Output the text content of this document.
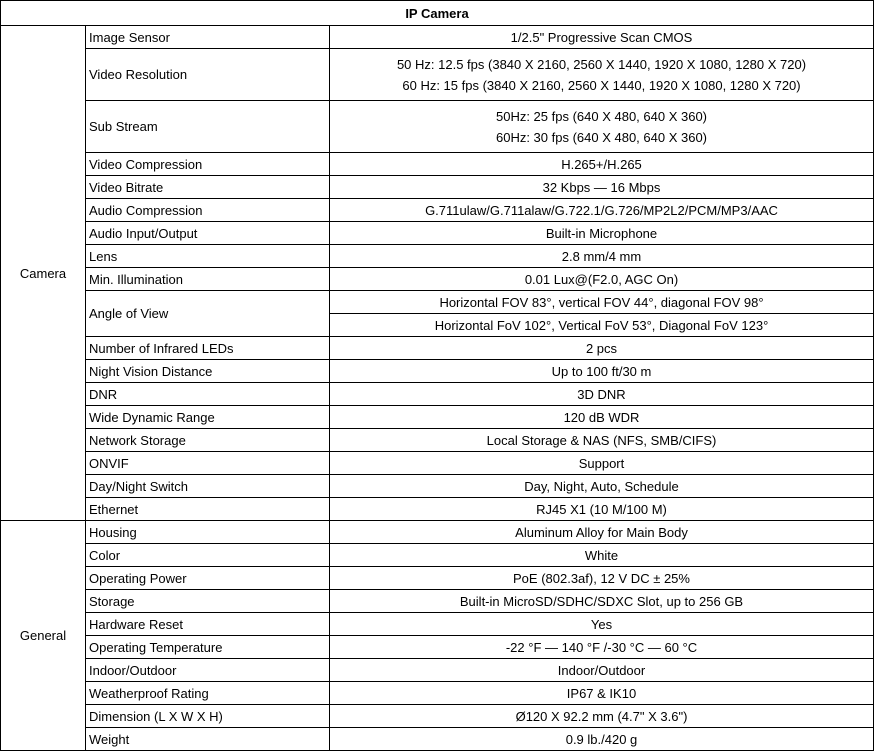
IP Camera		
Camera	Image Sensor	1/2.5" Progressive Scan CMOS

	Video Resolution	50 Hz: 12.5 fps (3840 X 2160, 2560 X 1440, 1920 X 1080, 1280 X 720)
60 Hz: 15 fps (3840 X 2160, 2560 X 1440, 1920 X 1080, 1280 X 720)

	Sub Stream	50Hz: 25 fps (640 X 480, 640 X 360)
60Hz: 30 fps (640 X 480, 640 X 360)

	Video Compression	H.265+/H.265

	Video Bitrate	32 Kbps — 16 Mbps

	Audio Compression	G.711ulaw/G.711alaw/G.722.1/G.726/MP2L2/PCM/MP3/AAC

	Audio Input/Output	Built-in Microphone

	Lens	2.8 mm/4 mm

	Min. Illumination	0.01 Lux@(F2.0, AGC On)

	Angle of View	Horizontal FOV 83°, vertical FOV 44°, diagonal FOV 98°
		Horizontal FoV 102°, Vertical FoV 53°, Diagonal FoV 123°
	Number of Infrared LEDs	2 pcs

	Night Vision Distance	Up to 100 ft/30 m

	DNR	3D DNR

	Wide Dynamic Range	120 dB WDR

	Network Storage	Local Storage & NAS (NFS, SMB/CIFS)

	ONVIF	Support

	Day/Night Switch	Day, Night, Auto, Schedule

	Ethernet	RJ45 X1 (10 M/100 M)

General	Housing	Aluminum Alloy for Main Body

	Color	White

	Operating Power	PoE (802.3af), 12 V DC ± 25%

	Storage	Built-in MicroSD/SDHC/SDXC Slot, up to 256 GB

	Hardware Reset	Yes

	Operating Temperature	-22 °F — 140 °F /-30 °C — 60 °C

	Indoor/Outdoor	Indoor/Outdoor

	Weatherproof Rating	IP67 & IK10

	Dimension (L X W X H)	Ø120 X 92.2 mm (4.7" X 3.6")

	Weight	0.9 lb./420 g
